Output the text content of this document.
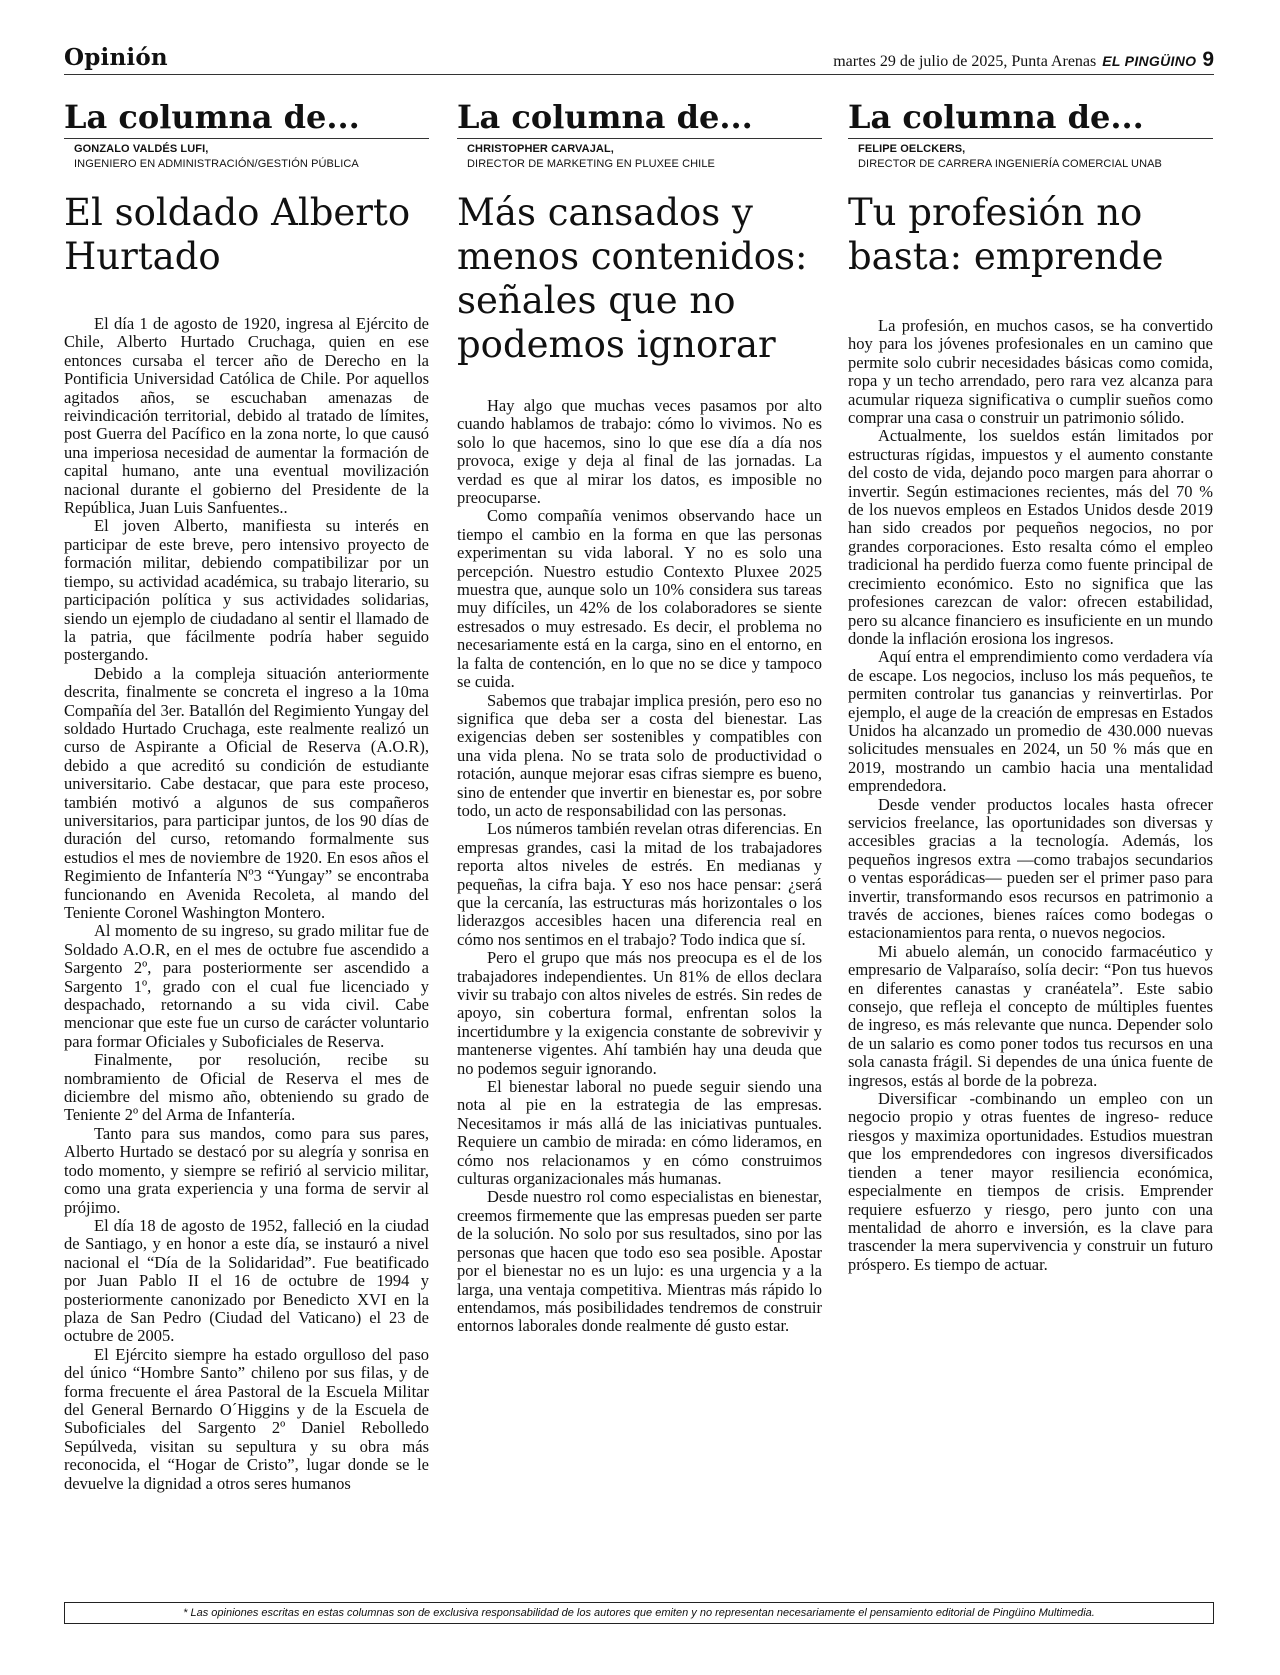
Opinión	martes 29 de julio de 2025, Punta Arenas EL PINGÜINO 9
La columna de...
GONZALO VALDÉS LUFI,
INGENIERO EN ADMINISTRACIÓN/GESTIÓN PÚBLICA
El soldado Alberto Hurtado

El día 1 de agosto de 1920, ingresa al Ejército de Chile, Alberto Hurtado Cruchaga, quien en ese entonces cursaba el tercer año de Derecho en la Pontificia Universidad Católica de Chile. Por aquellos agitados años, se escuchaban amenazas de reivindicación territorial, debido al tratado de límites, post Guerra del Pacífico en la zona norte, lo que causó una imperiosa necesidad de aumentar la formación de capital humano, ante una eventual movilización nacional durante el gobierno del Presidente de la República, Juan Luis Sanfuentes..

El joven Alberto, manifiesta su interés en participar de este breve, pero intensivo proyecto de formación militar, debiendo compatibilizar por un tiempo, su actividad académica, su trabajo literario, su participación política y sus actividades solidarias, siendo un ejemplo de ciudadano al sentir el llamado de la patria, que fácilmente podría haber seguido postergando.

Debido a la compleja situación anteriormente descrita, finalmente se concreta el ingreso a la 10ma Compañía del 3er. Batallón del Regimiento Yungay del soldado Hurtado Cruchaga, este realmente realizó un curso de Aspirante a Oficial de Reserva (A.O.R), debido a que acreditó su condición de estudiante universitario. Cabe destacar, que para este proceso, también motivó a algunos de sus compañeros universitarios, para participar juntos, de los 90 días de duración del curso, retomando formalmente sus estudios el mes de noviembre de 1920. En esos años el Regimiento de Infantería Nº3 “Yungay” se encontraba funcionando en Avenida Recoleta, al mando del Teniente Coronel Washington Montero.

Al momento de su ingreso, su grado militar fue de Soldado A.O.R, en el mes de octubre fue ascendido a Sargento 2º, para posteriormente ser ascendido a Sargento 1º, grado con el cual fue licenciado y despachado, retornando a su vida civil. Cabe mencionar que este fue un curso de carácter voluntario para formar Oficiales y Suboficiales de Reserva.

Finalmente, por resolución, recibe su nombramiento de Oficial de Reserva el mes de diciembre del mismo año, obteniendo su grado de Teniente 2º del Arma de Infantería.

Tanto para sus mandos, como para sus pares, Alberto Hurtado se destacó por su alegría y sonrisa en todo momento, y siempre se refirió al servicio militar, como una grata experiencia y una forma de servir al prójimo.

El día 18 de agosto de 1952, falleció en la ciudad de Santiago, y en honor a este día, se instauró a nivel nacional el “Día de la Solidaridad”. Fue beatificado por Juan Pablo II el 16 de octubre de 1994 y posteriormente canonizado por Benedicto XVI en la plaza de San Pedro (Ciudad del Vaticano) el 23 de octubre de 2005.

El Ejército siempre ha estado orgulloso del paso del único “Hombre Santo” chileno por sus filas, y de forma frecuente el área Pastoral de la Escuela Militar del General Bernardo O´Higgins y de la Escuela de Suboficiales del Sargento 2º Daniel Rebolledo Sepúlveda, visitan su sepultura y su obra más reconocida, el “Hogar de Cristo”, lugar donde se le devuelve la dignidad a otros seres humanos

La columna de...
CHRISTOPHER CARVAJAL,
DIRECTOR DE MARKETING EN PLUXEE CHILE
Más cansados y menos contenidos: señales que no podemos ignorar

Hay algo que muchas veces pasamos por alto cuando hablamos de trabajo: cómo lo vivimos. No es solo lo que hacemos, sino lo que ese día a día nos provoca, exige y deja al final de las jornadas. La verdad es que al mirar los datos, es imposible no preocuparse.

Como compañía venimos observando hace un tiempo el cambio en la forma en que las personas experimentan su vida laboral. Y no es solo una percepción. Nuestro estudio Contexto Pluxee 2025 muestra que, aunque solo un 10% considera sus tareas muy difíciles, un 42% de los colaboradores se siente estresados o muy estresado. Es decir, el problema no necesariamente está en la carga, sino en el entorno, en la falta de contención, en lo que no se dice y tampoco se cuida.

Sabemos que trabajar implica presión, pero eso no significa que deba ser a costa del bienestar. Las exigencias deben ser sostenibles y compatibles con una vida plena. No se trata solo de productividad o rotación, aunque mejorar esas cifras siempre es bueno, sino de entender que invertir en bienestar es, por sobre todo, un acto de responsabilidad con las personas.

Los números también revelan otras diferencias. En empresas grandes, casi la mitad de los trabajadores reporta altos niveles de estrés. En medianas y pequeñas, la cifra baja. Y eso nos hace pensar: ¿será que la cercanía, las estructuras más horizontales o los liderazgos accesibles hacen una diferencia real en cómo nos sentimos en el trabajo? Todo indica que sí.

Pero el grupo que más nos preocupa es el de los trabajadores independientes. Un 81% de ellos declara vivir su trabajo con altos niveles de estrés. Sin redes de apoyo, sin cobertura formal, enfrentan solos la incertidumbre y la exigencia constante de sobrevivir y mantenerse vigentes. Ahí también hay una deuda que no podemos seguir ignorando.

El bienestar laboral no puede seguir siendo una nota al pie en la estrategia de las empresas. Necesitamos ir más allá de las iniciativas puntuales. Requiere un cambio de mirada: en cómo lideramos, en cómo nos relacionamos y en cómo construimos culturas organizacionales más humanas.

Desde nuestro rol como especialistas en bienestar, creemos firmemente que las empresas pueden ser parte de la solución. No solo por sus resultados, sino por las personas que hacen que todo eso sea posible. Apostar por el bienestar no es un lujo: es una urgencia y a la larga, una ventaja competitiva. Mientras más rápido lo entendamos, más posibilidades tendremos de construir entornos laborales donde realmente dé gusto estar.

La columna de...
FELIPE OELCKERS,
DIRECTOR DE CARRERA INGENIERÍA COMERCIAL UNAB
Tu profesión no basta: emprende

La profesión, en muchos casos, se ha convertido hoy para los jóvenes profesionales en un camino que permite solo cubrir necesidades básicas como comida, ropa y un techo arrendado, pero rara vez alcanza para acumular riqueza significativa o cumplir sueños como comprar una casa o construir un patrimonio sólido.

Actualmente, los sueldos están limitados por estructuras rígidas, impuestos y el aumento constante del costo de vida, dejando poco margen para ahorrar o invertir. Según estimaciones recientes, más del 70 % de los nuevos empleos en Estados Unidos desde 2019 han sido creados por pequeños negocios, no por grandes corporaciones. Esto resalta cómo el empleo tradicional ha perdido fuerza como fuente principal de crecimiento económico. Esto no significa que las profesiones carezcan de valor: ofrecen estabilidad, pero su alcance financiero es insuficiente en un mundo donde la inflación erosiona los ingresos.

Aquí entra el emprendimiento como verdadera vía de escape. Los negocios, incluso los más pequeños, te permiten controlar tus ganancias y reinvertirlas. Por ejemplo, el auge de la creación de empresas en Estados Unidos ha alcanzado un promedio de 430.000 nuevas solicitudes mensuales en 2024, un 50 % más que en 2019, mostrando un cambio hacia una mentalidad emprendedora.

Desde vender productos locales hasta ofrecer servicios freelance, las oportunidades son diversas y accesibles gracias a la tecnología. Además, los pequeños ingresos extra —como trabajos secundarios o ventas esporádicas— pueden ser el primer paso para invertir, transformando esos recursos en patrimonio a través de acciones, bienes raíces como bodegas o estacionamientos para renta, o nuevos negocios.

Mi abuelo alemán, un conocido farmacéutico y empresario de Valparaíso, solía decir: “Pon tus huevos en diferentes canastas y cranéatela”. Este sabio consejo, que refleja el concepto de múltiples fuentes de ingreso, es más relevante que nunca. Depender solo de un salario es como poner todos tus recursos en una sola canasta frágil. Si dependes de una única fuente de ingresos, estás al borde de la pobreza.

Diversificar -combinando un empleo con un negocio propio y otras fuentes de ingreso- reduce riesgos y maximiza oportunidades. Estudios muestran que los emprendedores con ingresos diversificados tienden a tener mayor resiliencia económica, especialmente en tiempos de crisis. Emprender requiere esfuerzo y riesgo, pero junto con una mentalidad de ahorro e inversión, es la clave para trascender la mera supervivencia y construir un futuro próspero. Es tiempo de actuar.

* Las opiniones escritas en estas columnas son de exclusiva responsabilidad de los autores que emiten y no representan necesariamente el pensamiento editorial de Pingüino Multimedia.
